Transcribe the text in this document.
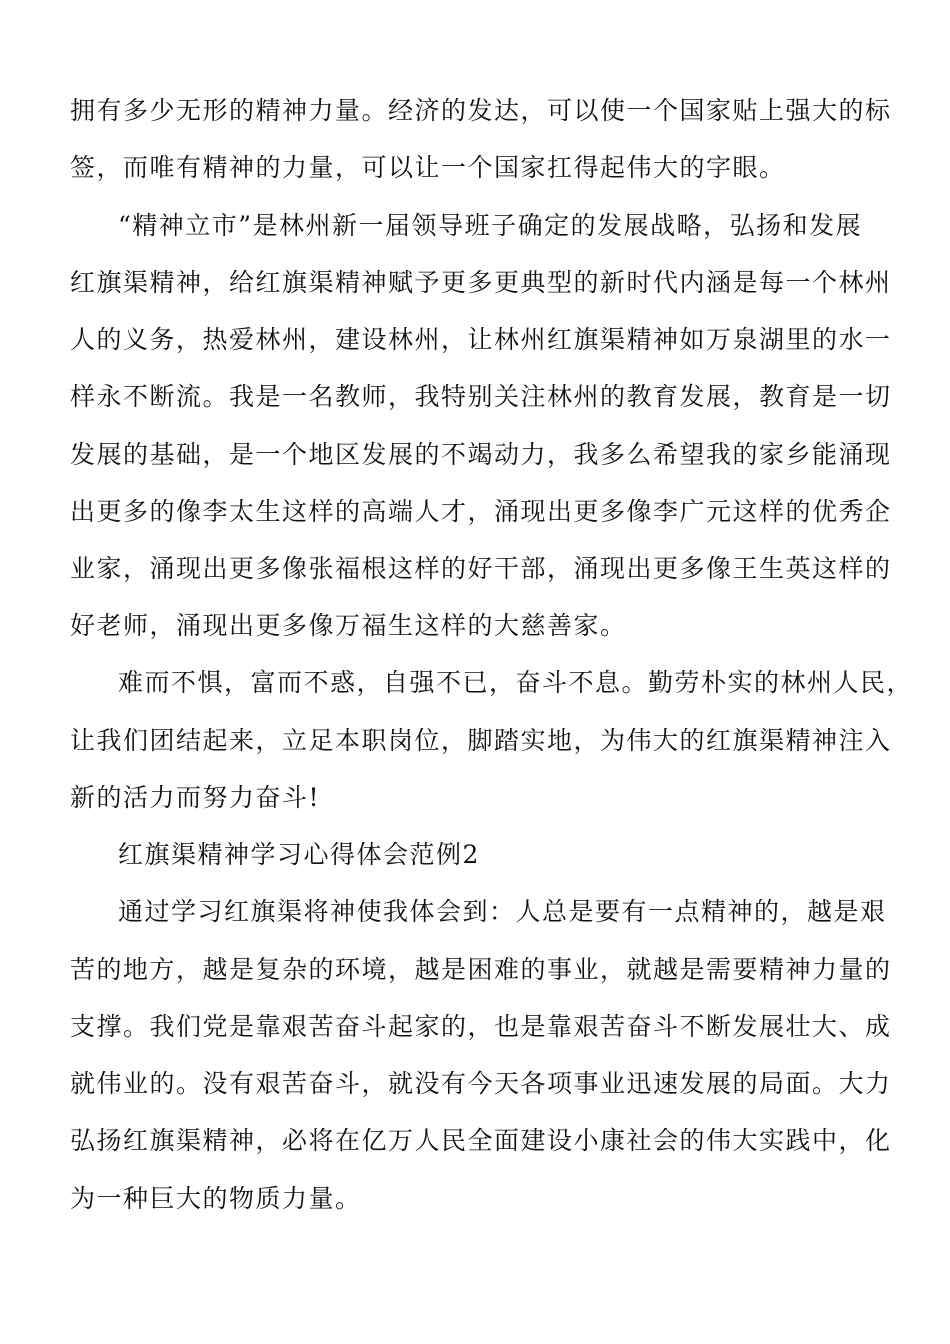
拥有多少无形的精神力量。经济的发达，可以使一个国家贴上强大的标
签，而唯有精神的力量，可以让一个国家扛得起伟大的字眼。
“精神立市”是林州新一届领导班子确定的发展战略，弘扬和发展
红旗渠精神，给红旗渠精神赋予更多更典型的新时代内涵是每一个林州
人的义务，热爱林州，建设林州，让林州红旗渠精神如万泉湖里的水一
样永不断流。我是一名教师，我特别关注林州的教育发展，教育是一切
发展的基础，是一个地区发展的不竭动力，我多么希望我的家乡能涌现
出更多的像李太生这样的高端人才，涌现出更多像李广元这样的优秀企
业家，涌现出更多像张福根这样的好干部，涌现出更多像王生英这样的
好老师，涌现出更多像万福生这样的大慈善家。
难而不惧，富而不惑，自强不已，奋斗不息。勤劳朴实的林州人民，
让我们团结起来，立足本职岗位，脚踏实地，为伟大的红旗渠精神注入
新的活力而努力奋斗!
红旗渠精神学习心得体会范例2
通过学习红旗渠将神使我体会到：人总是要有一点精神的，越是艰
苦的地方，越是复杂的环境，越是困难的事业，就越是需要精神力量的
支撑。我们党是靠艰苦奋斗起家的，也是靠艰苦奋斗不断发展壮大、成
就伟业的。没有艰苦奋斗，就没有今天各项事业迅速发展的局面。大力
弘扬红旗渠精神，必将在亿万人民全面建设小康社会的伟大实践中，化
为一种巨大的物质力量。
